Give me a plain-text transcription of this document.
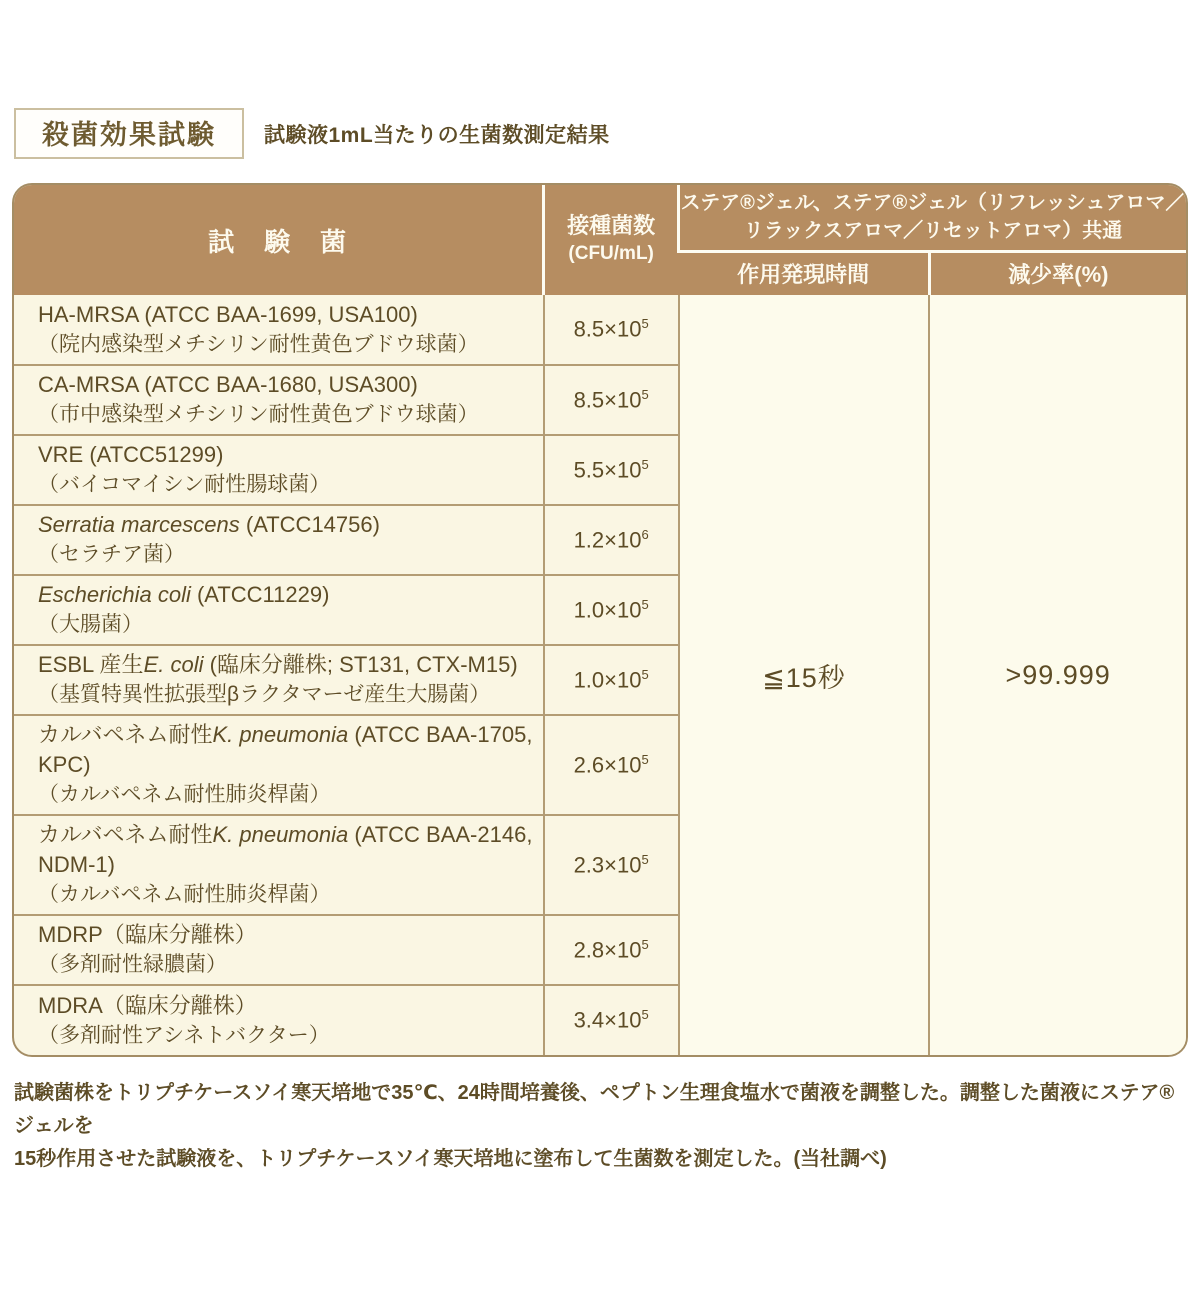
殺菌効果試験	試験液1mL当たりの生菌数測定結果
試　験　菌	
接種菌数
(CFU/mL)

ステア®ジェル、ステア®ジェル（リフレッシュアロマ／
リラックスアロマ／リセットアロマ）共通

		作用発現時間	減少率(%)

HA-MRSA (ATCC BAA-1699, USA100)
（院内感染型メチシリン耐性黄色ブドウ球菌）	$8.5\times 10^5$	≦15秒	>99.999

CA-MRSA (ATCC BAA-1680, USA300)
（市中感染型メチシリン耐性黄色ブドウ球菌）	$8.5\times 10^5$

VRE (ATCC51299)
（バイコマイシン耐性腸球菌）	$5.5\times 10^5$

Serratia marcescens (ATCC14756)
（セラチア菌）	$1.2\times 10^6$

Escherichia coli (ATCC11229)
（大腸菌）	$1.0\times 10^5$

ESBL 産生E. coli (臨床分離株; ST131, CTX-M15)
（基質特異性拡張型βラクタマーゼ産生大腸菌）	$1.0\times 10^5$

カルバペネム耐性K. pneumonia (ATCC BAA-1705, KPC)
（カルバペネム耐性肺炎桿菌）	$2.6\times 10^5$

カルバペネム耐性K. pneumonia (ATCC BAA-2146, NDM-1)
（カルバペネム耐性肺炎桿菌）	$2.3\times 10^5$

MDRP（臨床分離株）
（多剤耐性緑膿菌）	$2.8\times 10^5$

MDRA（臨床分離株）
（多剤耐性アシネトバクター）	$3.4\times 10^5$
試験菌株をトリプチケースソイ寒天培地で35℃、24時間培養後、ペプトン生理食塩水で菌液を調整した。調整した菌液にステア®ジェルを
15秒作用させた試験液を、トリプチケースソイ寒天培地に塗布して生菌数を測定した。(当社調べ)
